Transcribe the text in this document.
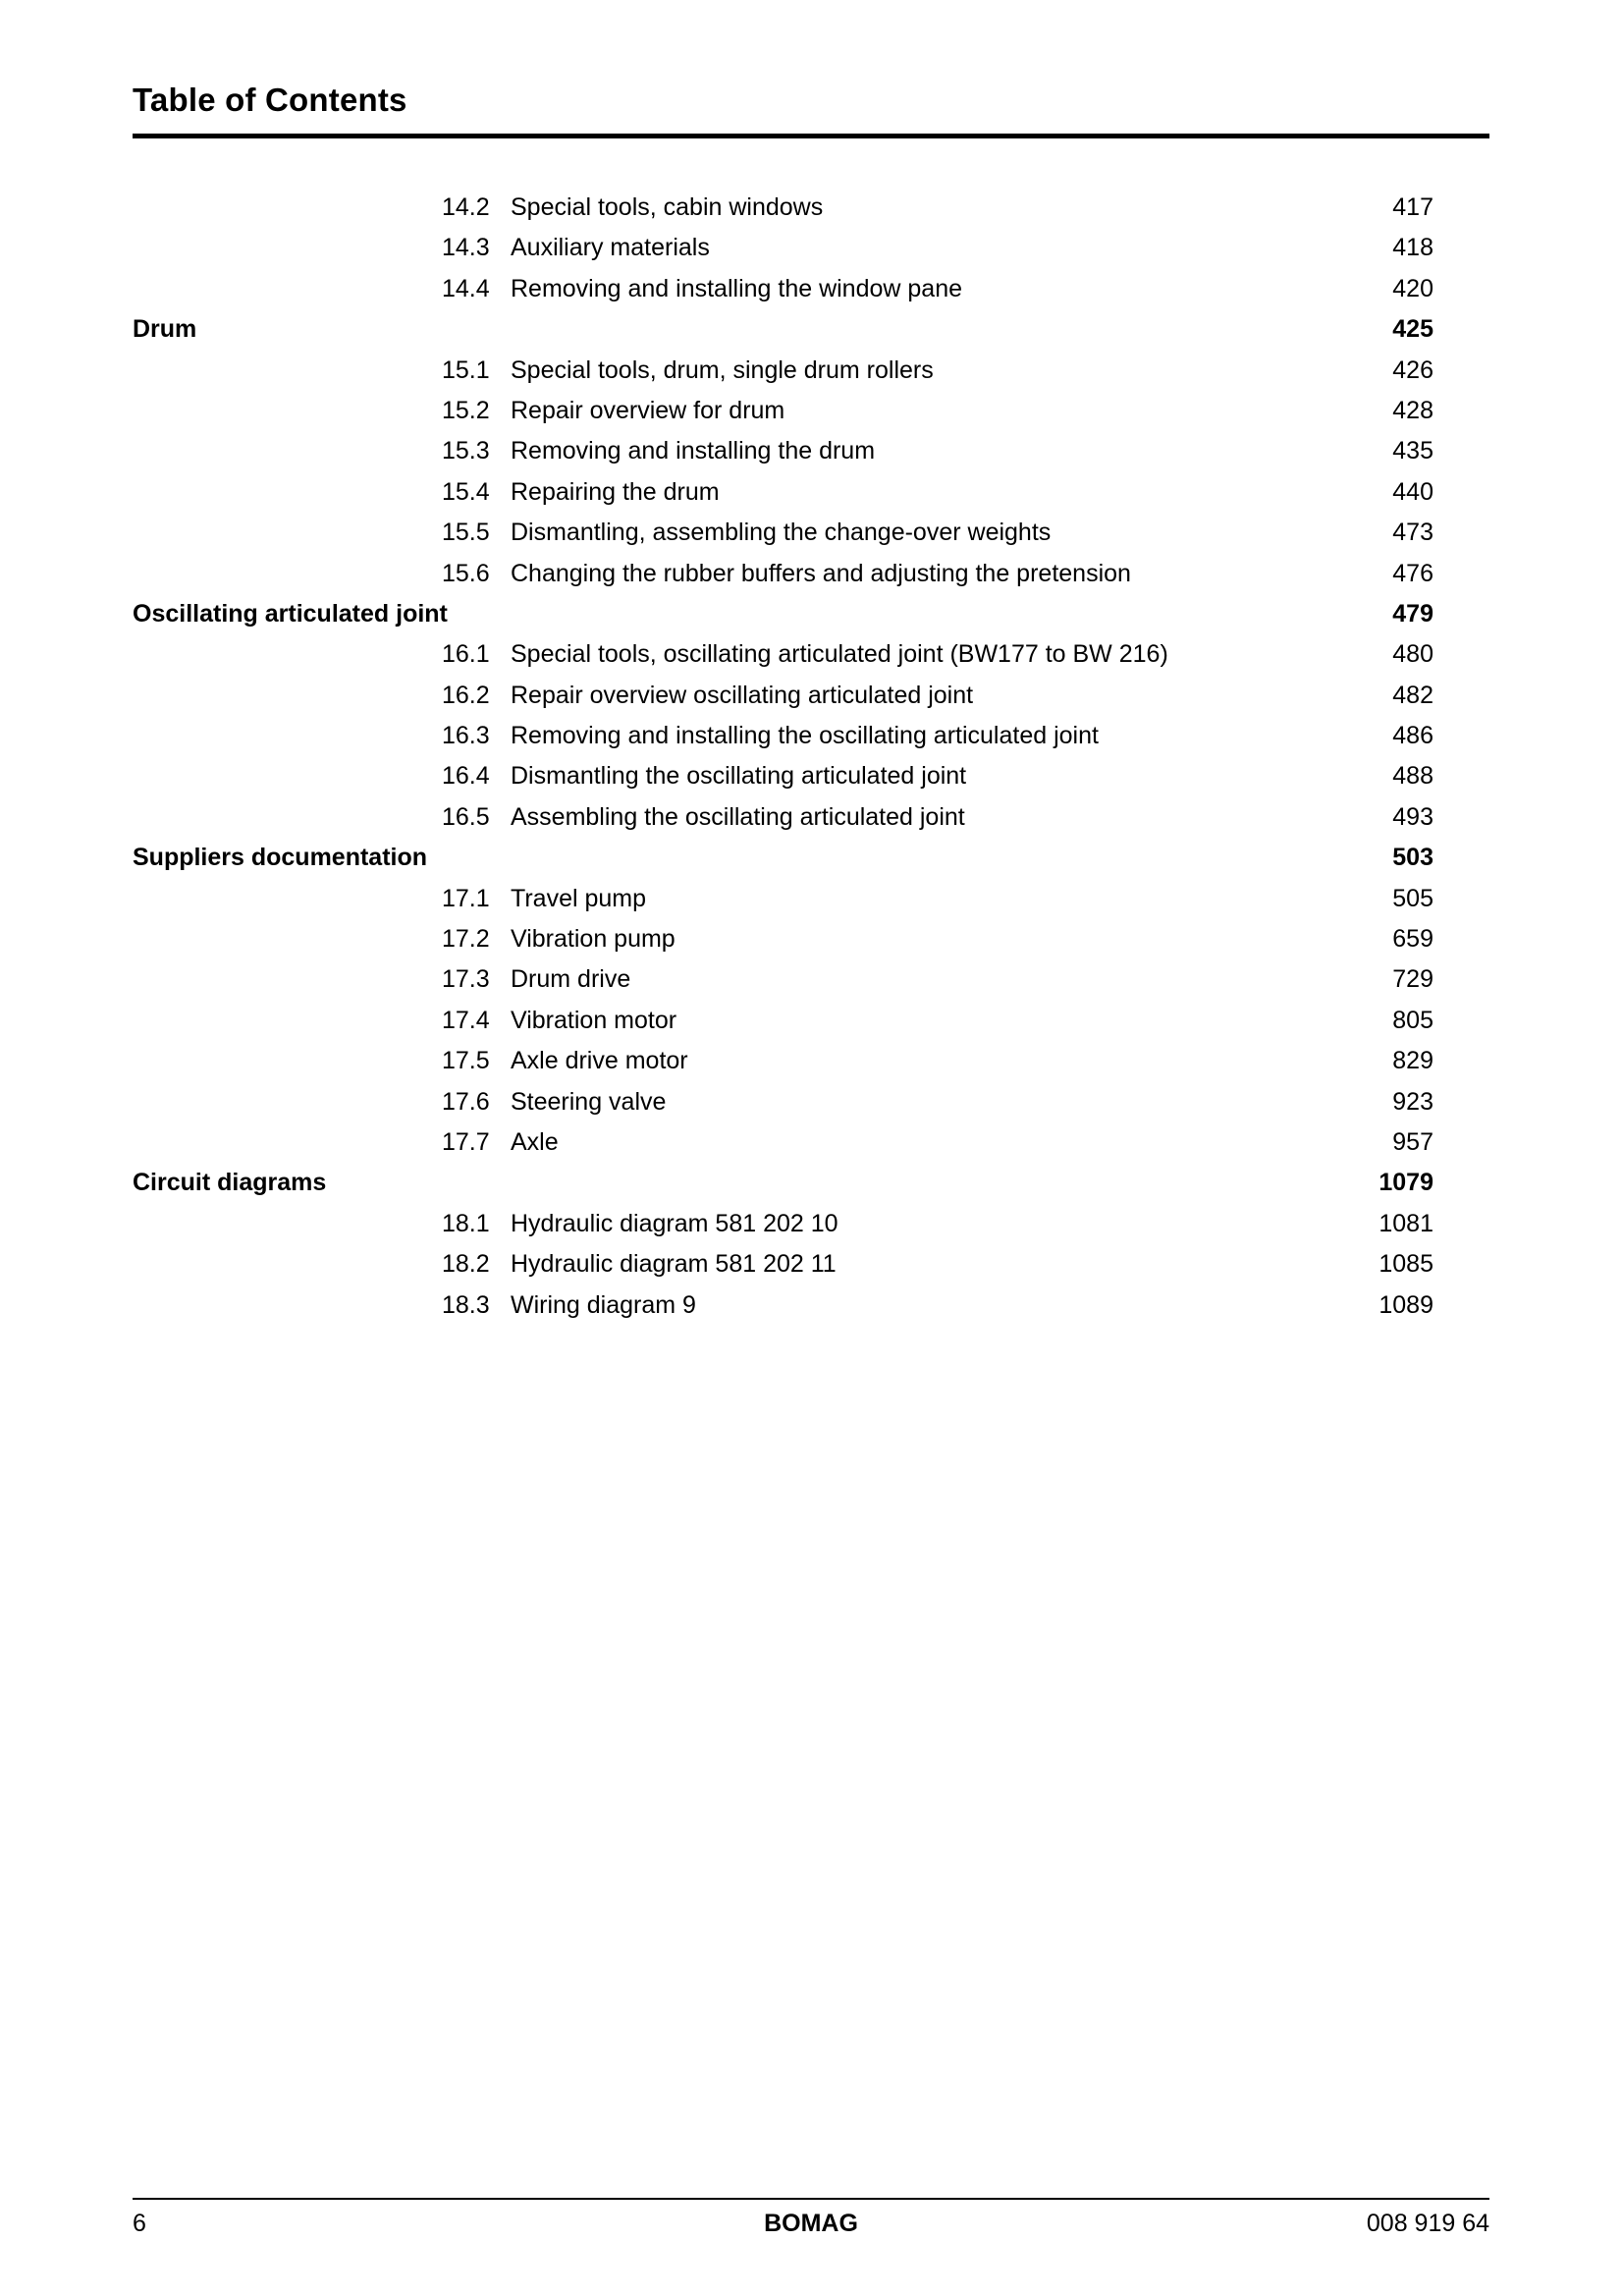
Table of Contents
14.2 Special tools, cabin windows	417
14.3 Auxiliary materials	418
14.4 Removing and installing the window pane	420
Drum	425
15.1 Special tools, drum, single drum rollers	426
15.2 Repair overview for drum	428
15.3 Removing and installing the drum	435
15.4 Repairing the drum	440
15.5 Dismantling, assembling the change-over weights	473
15.6 Changing the rubber buffers and adjusting the pretension	476
Oscillating articulated joint	479
16.1 Special tools, oscillating articulated joint (BW177 to BW 216)	480
16.2 Repair overview oscillating articulated joint	482
16.3 Removing and installing the oscillating articulated joint	486
16.4 Dismantling the oscillating articulated joint	488
16.5 Assembling the oscillating articulated joint	493
Suppliers documentation	503
17.1 Travel pump	505
17.2 Vibration pump	659
17.3 Drum drive	729
17.4 Vibration motor	805
17.5 Axle drive motor	829
17.6 Steering valve	923
17.7 Axle	957
Circuit diagrams	1079
18.1 Hydraulic diagram 581 202 10	1081
18.2 Hydraulic diagram 581 202 11	1085
18.3 Wiring diagram 9	1089
6	BOMAG	008 919 64
